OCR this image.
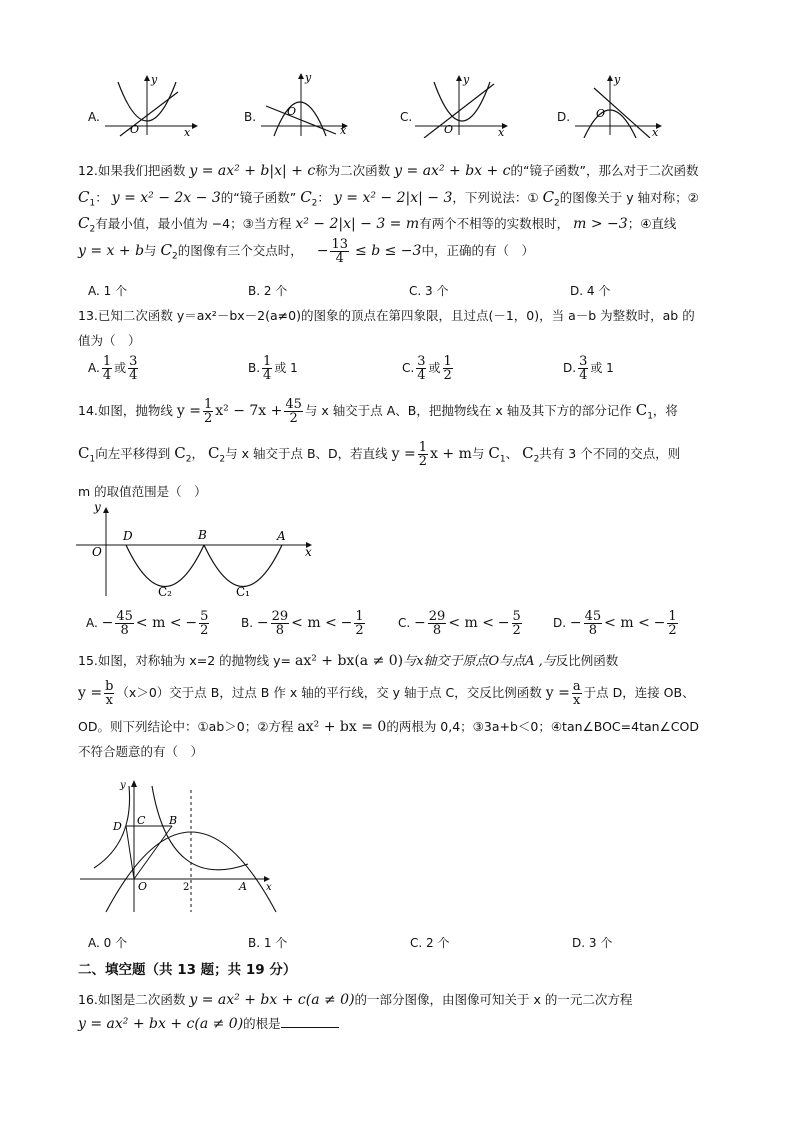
A.
O	x
y
B.	O
x
y
C.
O	x
y
D. O
x
y
12.如果我们把函数 y = ax² + b|x| + c称为二次函数 y = ax² + bx + c的“镜子函数”，那么对于二次函数
$C_1$： y = x² − 2x − 3的“镜子函数” $C_2$： y = x² − 2|x| − 3，下列说法：① $C_2$的图像关于 y 轴对称；②
$C_2$有最小值，最小值为 −4；③当方程 x² − 2|x| − 3 = m有两个不相等的实数根时， m > −3；④直线
y = x + b与 $C_2$的图像有三个交点时， − $\frac{13}{4} \le b \le -3$中，正确的有（　）
A. 1 个	B. 2 个	C. 3 个	D. 4 个
13.已知二次函数 y＝ax²－bx－2(a≠0)的图象的顶点在第四象限，且过点(－1，0)，当 a－b 为整数时，ab 的
值为（　）
A. $\frac{1}{4}$ 或 $\frac{3}{4}$	B. $\frac{1}{4}$ 或 1	C. $\frac{3}{4}$ 或 $\frac{1}{2}$	D. $\frac{3}{4}$ 或 1
14.如图，抛物线 $y = \frac{1}{2} x^2 - 7x + \frac{45}{2}$ 与 x 轴交于点 A、B，把抛物线在 x 轴及其下方的部分记作 $C_1$，将
$C_1$向左平移得到 $C_2$， $C_2$与 x 轴交于点 B、D，若直线 $y = \frac{1}{2}$ x + m与 $C_1$、 $C_2$共有 3 个不同的交点，则
m 的取值范围是（　）
y
O
D	B	A
x
C₂	C₁
A. − $\frac{45}{8} < m$ < − $\frac{5}{2}$	B. − $\frac{29}{8} < m$ < − $\frac{1}{2}$	C. − $\frac{29}{8} < m$ < − $\frac{5}{2}$	D. − $\frac{45}{8} < m$ < − $\frac{1}{2}$
15.如图，对称轴为 x=2 的抛物线 y= ax² + bx(a ≠ 0)与x轴交于原点O与点A ,与反比例函数
$y = \frac{b}{x} (x>0)$交于点 B，过点 B 作 x 轴的平行线，交 y 轴于点 C，交反比例函数 $y = \frac{a}{x}$ 于点 D，连接 OB、
OD。则下列结论中：①ab＞0；②方程 ax² + bx = 0的两根为 0,4；③3a+b＜0；④tan∠BOC=4tan∠COD
不符合题意的有（　）
y
D C B
O	2	A x
A. 0 个	B. 1 个	C. 2 个	D. 3 个
二、填空题（共 13 题；共 19 分）
16.如图是二次函数 y = ax² + bx + c(a ≠ 0)的一部分图像，由图像可知关于 x 的一元二次方程
y = ax² + bx + c(a ≠ 0)的根是
